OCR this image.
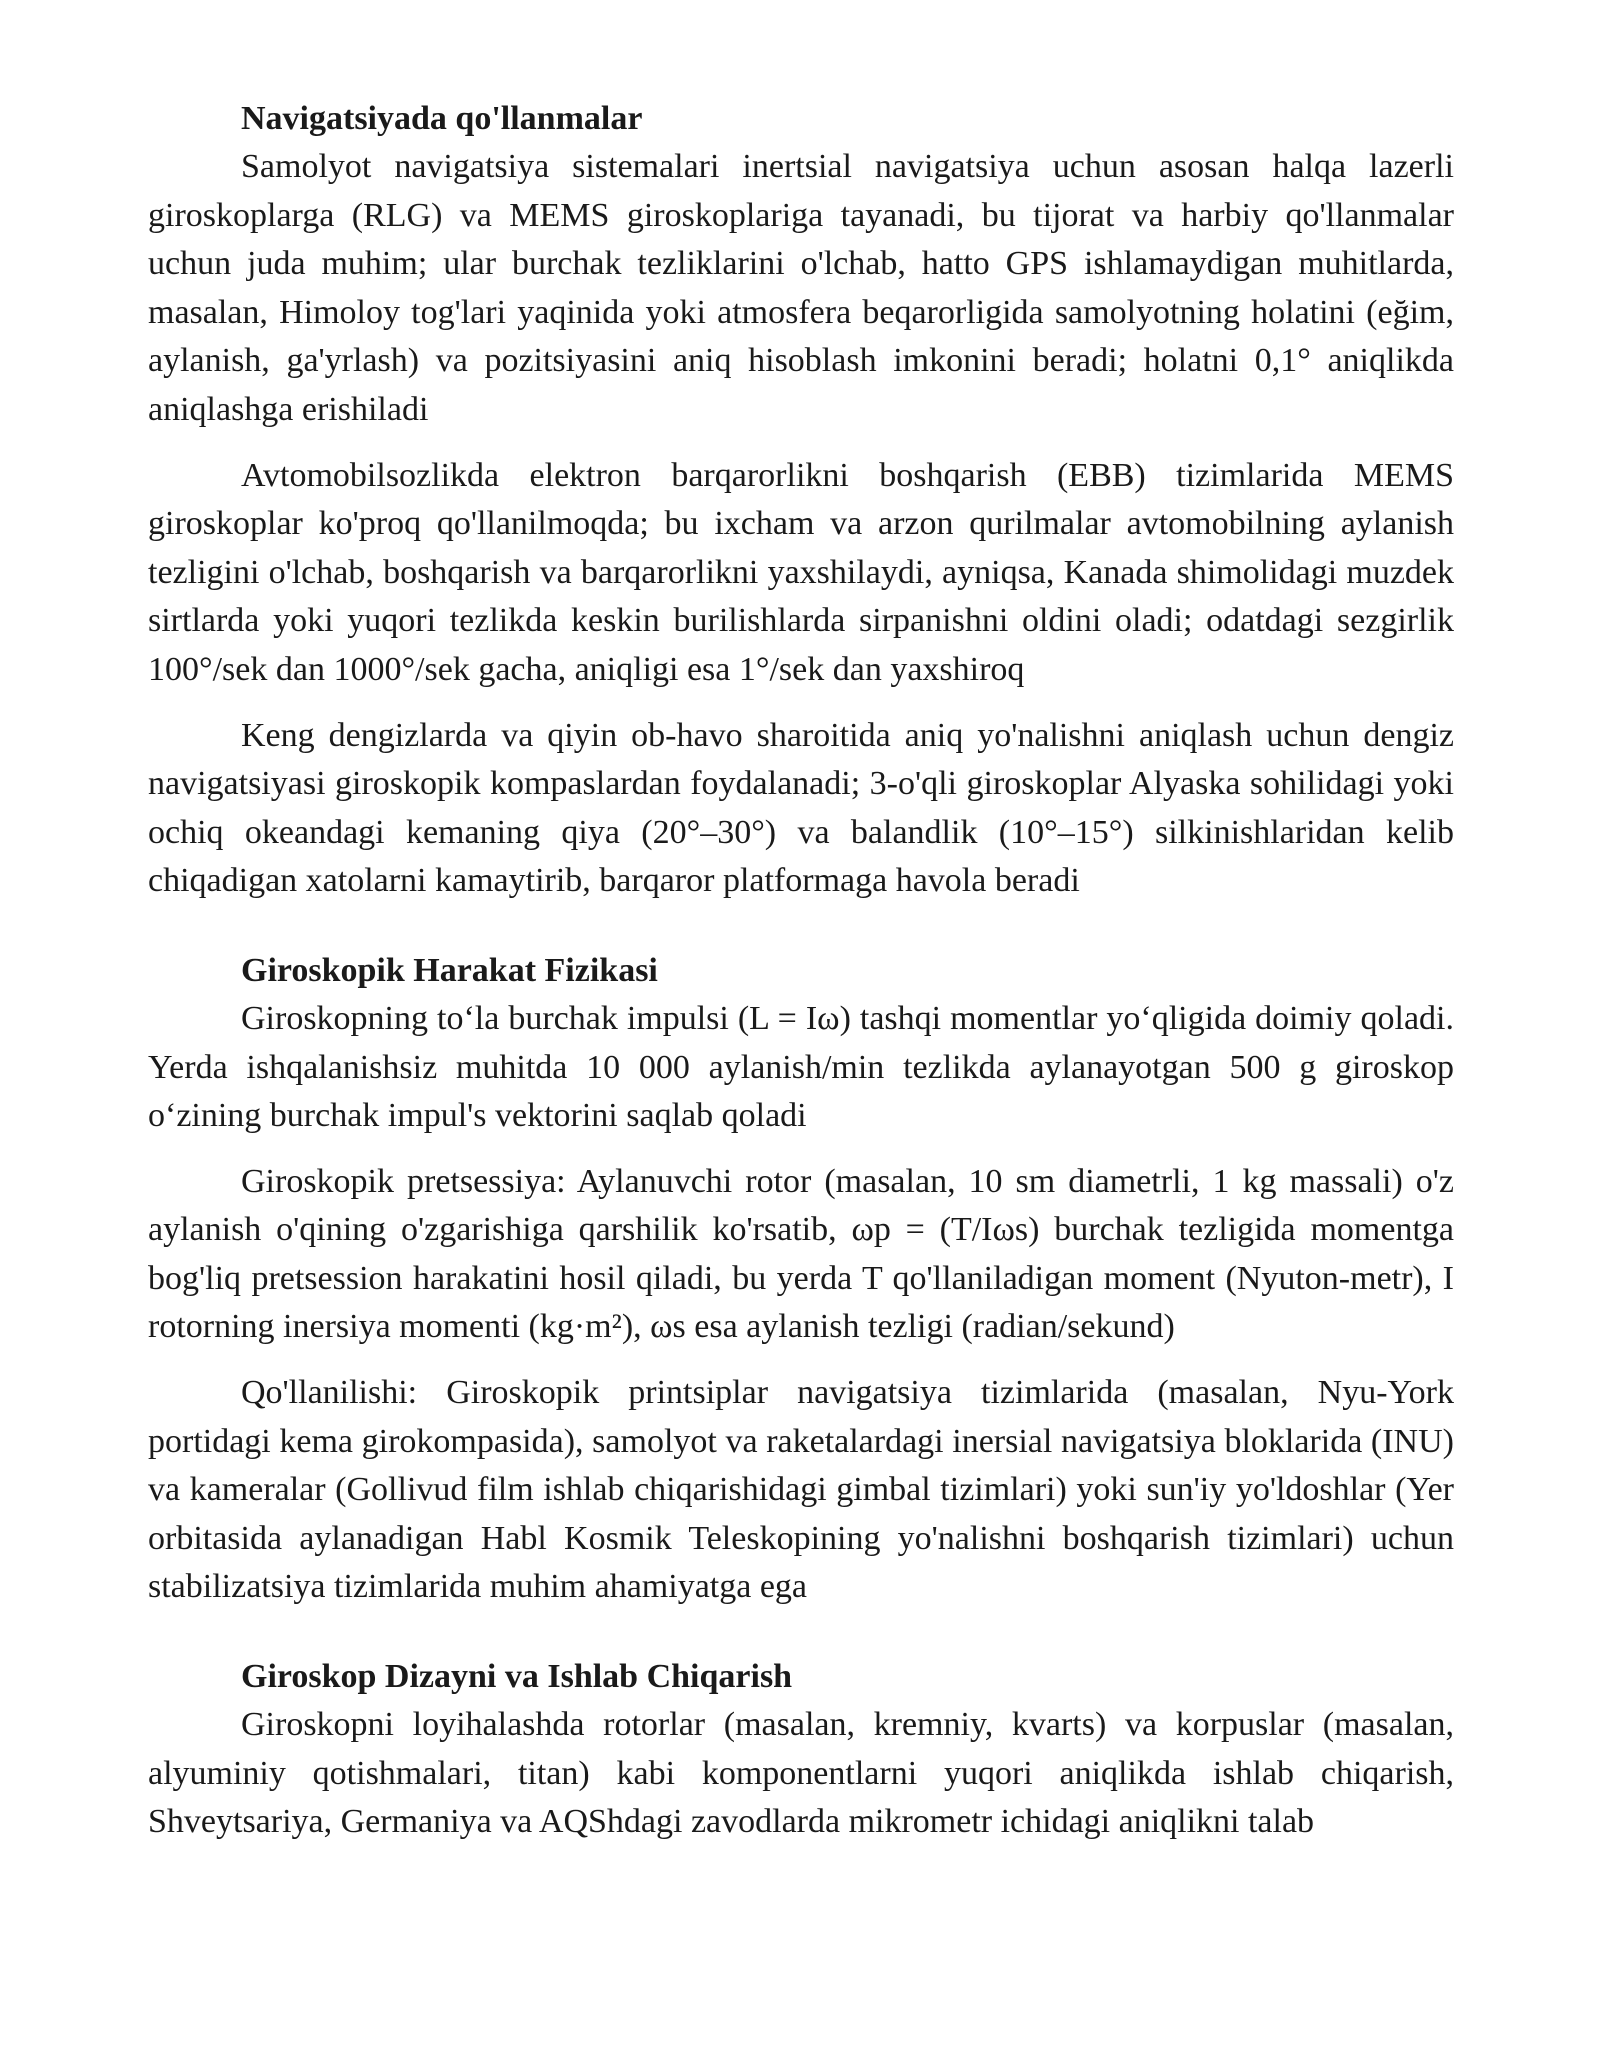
Navigatsiyada qo'llanmalar

Samolyot navigatsiya sistemalari inertsial navigatsiya uchun asosan halqa lazerli giroskoplarga (RLG) va MEMS giroskoplariga tayanadi, bu tijorat va harbiy qo'llanmalar uchun juda muhim; ular burchak tezliklarini o'lchab, hatto GPS ishlamaydigan muhitlarda, masalan, Himoloy tog'lari yaqinida yoki atmosfera beqarorligida samolyotning holatini (eğim, aylanish, ga'yrlash) va pozitsiyasini aniq hisoblash imkonini beradi; holatni 0,1° aniqlikda aniqlashga erishiladi

Avtomobilsozlikda elektron barqarorlikni boshqarish (EBB) tizimlarida MEMS giroskoplar ko'proq qo'llanilmoqda; bu ixcham va arzon qurilmalar avtomobilning aylanish tezligini o'lchab, boshqarish va barqarorlikni yaxshilaydi, ayniqsa, Kanada shimolidagi muzdek sirtlarda yoki yuqori tezlikda keskin burilishlarda sirpanishni oldini oladi; odatdagi sezgirlik 100°/sek dan 1000°/sek gacha, aniqligi esa 1°/sek dan yaxshiroq

Keng dengizlarda va qiyin ob-havo sharoitida aniq yo'nalishni aniqlash uchun dengiz navigatsiyasi giroskopik kompaslardan foydalanadi; 3-o'qli giroskoplar Alyaska sohilidagi yoki ochiq okeandagi kemaning qiya (20°–30°) va balandlik (10°–15°) silkinishlaridan kelib chiqadigan xatolarni kamaytirib, barqaror platformaga havola beradi

Giroskopik Harakat Fizikasi

Giroskopning to‘la burchak impulsi (L = Iω) tashqi momentlar yo‘qligida doimiy qoladi. Yerda ishqalanishsiz muhitda 10 000 aylanish/min tezlikda aylanayotgan 500 g giroskop o‘zining burchak impul's vektorini saqlab qoladi

Giroskopik pretsessiya: Aylanuvchi rotor (masalan, 10 sm diametrli, 1 kg massali) o'z aylanish o'qining o'zgarishiga qarshilik ko'rsatib, ωp = (T/Iωs) burchak tezligida momentga bog'liq pretsession harakatini hosil qiladi, bu yerda T qo'llaniladigan moment (Nyuton-metr), I rotorning inersiya momenti (kg·m²), ωs esa aylanish tezligi (radian/sekund)

Qo'llanilishi: Giroskopik printsiplar navigatsiya tizimlarida (masalan, Nyu-York portidagi kema girokompasida), samolyot va raketalardagi inersial navigatsiya bloklarida (INU) va kameralar (Gollivud film ishlab chiqarishidagi gimbal tizimlari) yoki sun'iy yo'ldoshlar (Yer orbitasida aylanadigan Habl Kosmik Teleskopining yo'nalishni boshqarish tizimlari) uchun stabilizatsiya tizimlarida muhim ahamiyatga ega

Giroskop Dizayni va Ishlab Chiqarish

Giroskopni loyihalashda rotorlar (masalan, kremniy, kvarts) va korpuslar (masalan, alyuminiy qotishmalari, titan) kabi komponentlarni yuqori aniqlikda ishlab chiqarish, Shveytsariya, Germaniya va AQShdagi zavodlarda mikrometr ichidagi aniqlikni talab
